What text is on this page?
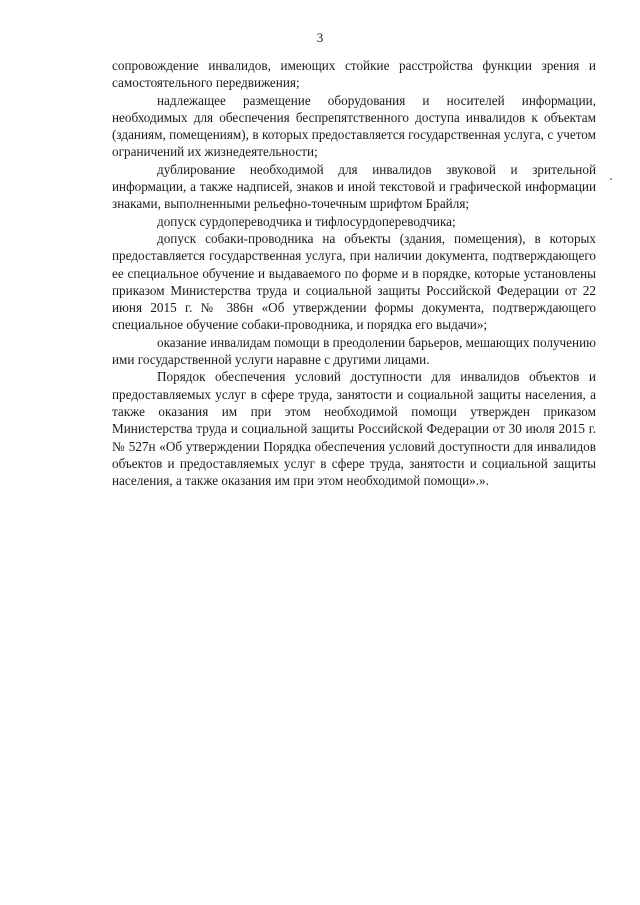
3

сопровождение инвалидов, имеющих стойкие расстройства функции зрения и самостоятельного передвижения;

надлежащее размещение оборудования и носителей информации, необходимых для обеспечения беспрепятственного доступа инвалидов к объектам (зданиям, помещениям), в которых предоставляется государственная услуга, с учетом ограничений их жизнедеятельности;

дублирование необходимой для инвалидов звуковой и зрительной информации, а также надписей, знаков и иной текстовой и графической информации знаками, выполненными рельефно-точечным шрифтом Брайля;

допуск сурдопереводчика и тифлосурдопереводчика;

допуск собаки-проводника на объекты (здания, помещения), в которых предоставляется государственная услуга, при наличии документа, подтверждающего ее специальное обучение и выдаваемого по форме и в порядке, которые установлены приказом Министерства труда и социальной защиты Российской Федерации от 22 июня 2015 г. № 386н «Об утверждении формы документа, подтверждающего специальное обучение собаки-проводника, и порядка его выдачи»;

оказание инвалидам помощи в преодолении барьеров, мешающих получению ими государственной услуги наравне с другими лицами.

Порядок обеспечения условий доступности для инвалидов объектов и предоставляемых услуг в сфере труда, занятости и социальной защиты населения, а также оказания им при этом необходимой помощи утвержден приказом Министерства труда и социальной защиты Российской Федерации от 30 июля 2015 г. № 527н «Об утверждении Порядка обеспечения условий доступности для инвалидов объектов и предоставляемых услуг в сфере труда, занятости и социальной защиты населения, а также оказания им при этом необходимой помощи».».
